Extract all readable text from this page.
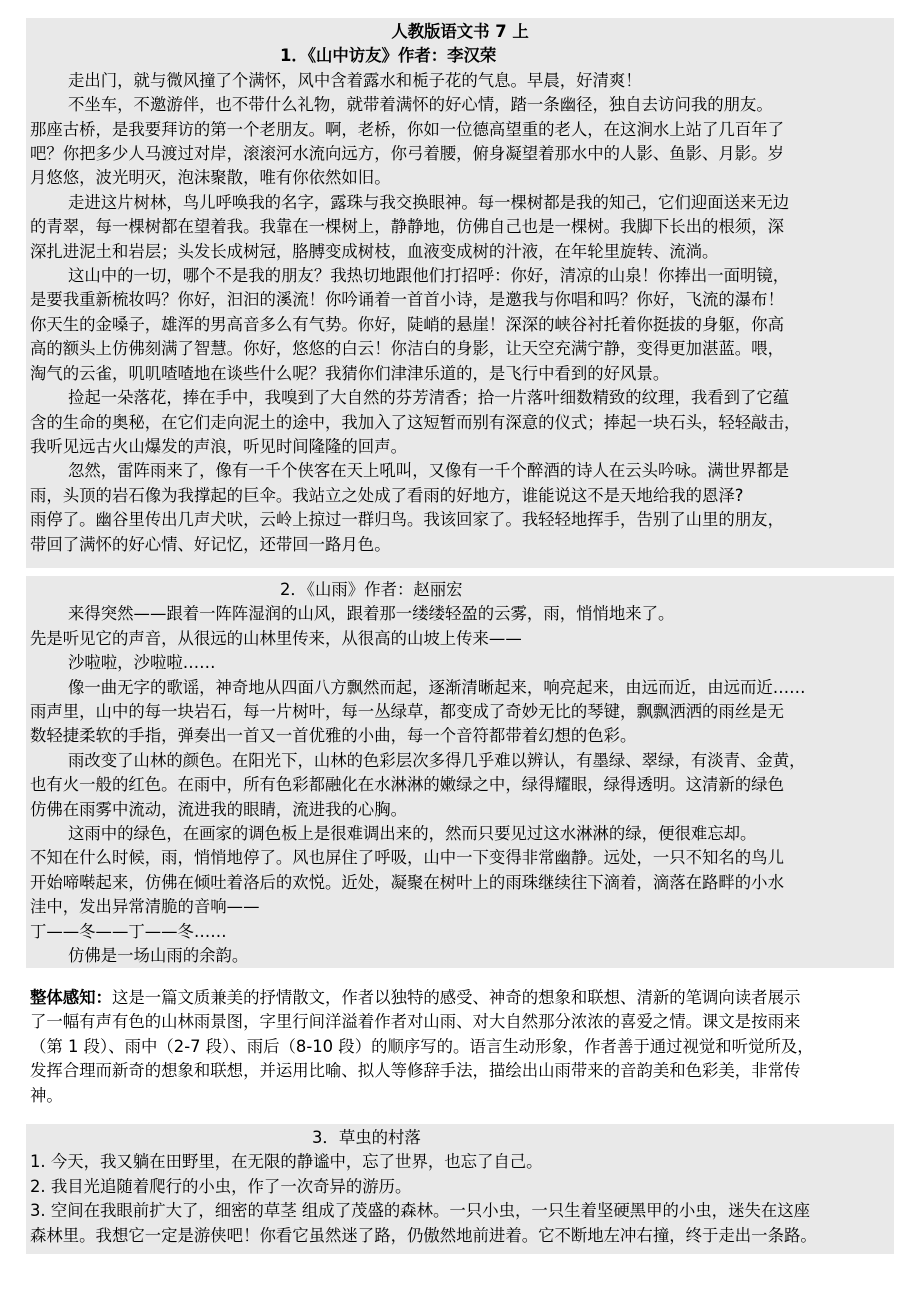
人教版语文书 7 上
1．《山中访友》作者：李汉荣
走出门，就与微风撞了个满怀，风中含着露水和栀子花的气息。早晨，好清爽！
不坐车，不邀游伴，也不带什么礼物，就带着满怀的好心情，踏一条幽径，独自去访问我的朋友。
那座古桥，是我要拜访的第一个老朋友。啊，老桥，你如一位德高望重的老人，在这涧水上站了几百年了
吧？你把多少人马渡过对岸，滚滚河水流向远方，你弓着腰，俯身凝望着那水中的人影、鱼影、月影。岁
月悠悠，波光明灭，泡沫聚散，唯有你依然如旧。
走进这片树林，鸟儿呼唤我的名字，露珠与我交换眼神。每一棵树都是我的知己，它们迎面送来无边
的青翠，每一棵树都在望着我。我靠在一棵树上，静静地，仿佛自己也是一棵树。我脚下长出的根须，深
深扎进泥土和岩层；头发长成树冠，胳膊变成树枝，血液变成树的汁液，在年轮里旋转、流淌。
这山中的一切，哪个不是我的朋友？我热切地跟他们打招呼：你好，清凉的山泉！你捧出一面明镜，
是要我重新梳妆吗？你好，汩汩的溪流！你吟诵着一首首小诗，是邀我与你唱和吗？你好，飞流的瀑布！
你天生的金嗓子，雄浑的男高音多么有气势。你好，陡峭的悬崖！深深的峡谷衬托着你挺拔的身躯，你高
高的额头上仿佛刻满了智慧。你好，悠悠的白云！你洁白的身影，让天空充满宁静，变得更加湛蓝。喂，
淘气的云雀，叽叽喳喳地在谈些什么呢？我猜你们津津乐道的，是飞行中看到的好风景。
捡起一朵落花，捧在手中，我嗅到了大自然的芬芳清香；拾一片落叶细数精致的纹理，我看到了它蕴
含的生命的奥秘，在它们走向泥土的途中，我加入了这短暂而别有深意的仪式；捧起一块石头，轻轻敲击，
我听见远古火山爆发的声浪，听见时间隆隆的回声。
忽然，雷阵雨来了，像有一千个侠客在天上吼叫，又像有一千个醉酒的诗人在云头吟咏。满世界都是
雨，头顶的岩石像为我撑起的巨伞。我站立之处成了看雨的好地方，谁能说这不是天地给我的恩泽?
雨停了。幽谷里传出几声犬吠，云岭上掠过一群归鸟。我该回家了。我轻轻地挥手，告别了山里的朋友，
带回了满怀的好心情、好记忆，还带回一路月色。
2．《山雨》作者：赵丽宏
来得突然——跟着一阵阵湿润的山风，跟着那一缕缕轻盈的云雾，雨，悄悄地来了。
先是听见它的声音，从很远的山林里传来，从很高的山坡上传来——
沙啦啦，沙啦啦……
像一曲无字的歌谣，神奇地从四面八方飘然而起，逐渐清晰起来，响亮起来，由远而近，由远而近……
雨声里，山中的每一块岩石，每一片树叶，每一丛绿草，都变成了奇妙无比的琴键，飘飘洒洒的雨丝是无
数轻捷柔软的手指，弹奏出一首又一首优雅的小曲，每一个音符都带着幻想的色彩。
雨改变了山林的颜色。在阳光下，山林的色彩层次多得几乎难以辨认，有墨绿、翠绿，有淡青、金黄，
也有火一般的红色。在雨中，所有色彩都融化在水淋淋的嫩绿之中，绿得耀眼，绿得透明。这清新的绿色
仿佛在雨雾中流动，流进我的眼睛，流进我的心胸。
这雨中的绿色，在画家的调色板上是很难调出来的，然而只要见过这水淋淋的绿，便很难忘却。
不知在什么时候，雨，悄悄地停了。风也屏住了呼吸，山中一下变得非常幽静。远处，一只不知名的鸟儿
开始啼啭起来，仿佛在倾吐着洛后的欢悦。近处，凝聚在树叶上的雨珠继续往下滴着，滴落在路畔的小水
洼中，发出异常清脆的音响——
丁——冬——丁——冬……
仿佛是一场山雨的余韵。
整体感知：这是一篇文质兼美的抒情散文，作者以独特的感受、神奇的想象和联想、清新的笔调向读者展示
了一幅有声有色的山林雨景图，字里行间洋溢着作者对山雨、对大自然那分浓浓的喜爱之情。课文是按雨来
（第 1 段）、雨中（2-7 段）、雨后（8-10 段）的顺序写的。语言生动形象，作者善于通过视觉和听觉所及，
发挥合理而新奇的想象和联想，并运用比喻、拟人等修辞手法，描绘出山雨带来的音韵美和色彩美，非常传
神。
3．草虫的村落
1. 今天，我又躺在田野里，在无限的静谧中，忘了世界，也忘了自己。
2. 我目光追随着爬行的小虫，作了一次奇异的游历。
3. 空间在我眼前扩大了，细密的草茎 组成了茂盛的森林。一只小虫，一只生着坚硬黑甲的小虫，迷失在这座
森林里。我想它一定是游侠吧！你看它虽然迷了路，仍傲然地前进着。它不断地左冲右撞，终于走出一条路。
